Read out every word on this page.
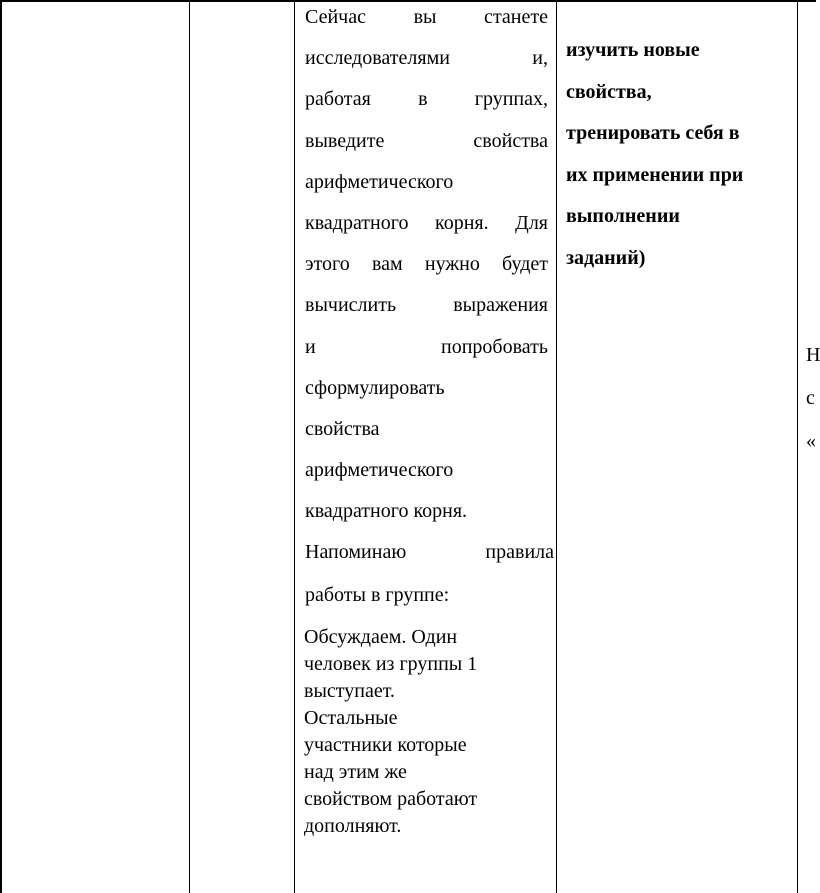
Сейчас вы станете

исследователями и,

работая в группах,

выведите свойства

арифметического

квадратного корня. Для

этого вам нужно будет

вычислить выражения

и попробовать

сформулировать

свойства

арифметического

квадратного корня.

Напоминаю правила

работы в группе:

Обсуждаем. Один
человек из группы 1
выступает.
Остальные
участники которые
над этим же
свойством работают
дополняют.

изучить новые

свойства,

тренировать себя в

их применении при

выполнении

заданий)

Н
с
«
